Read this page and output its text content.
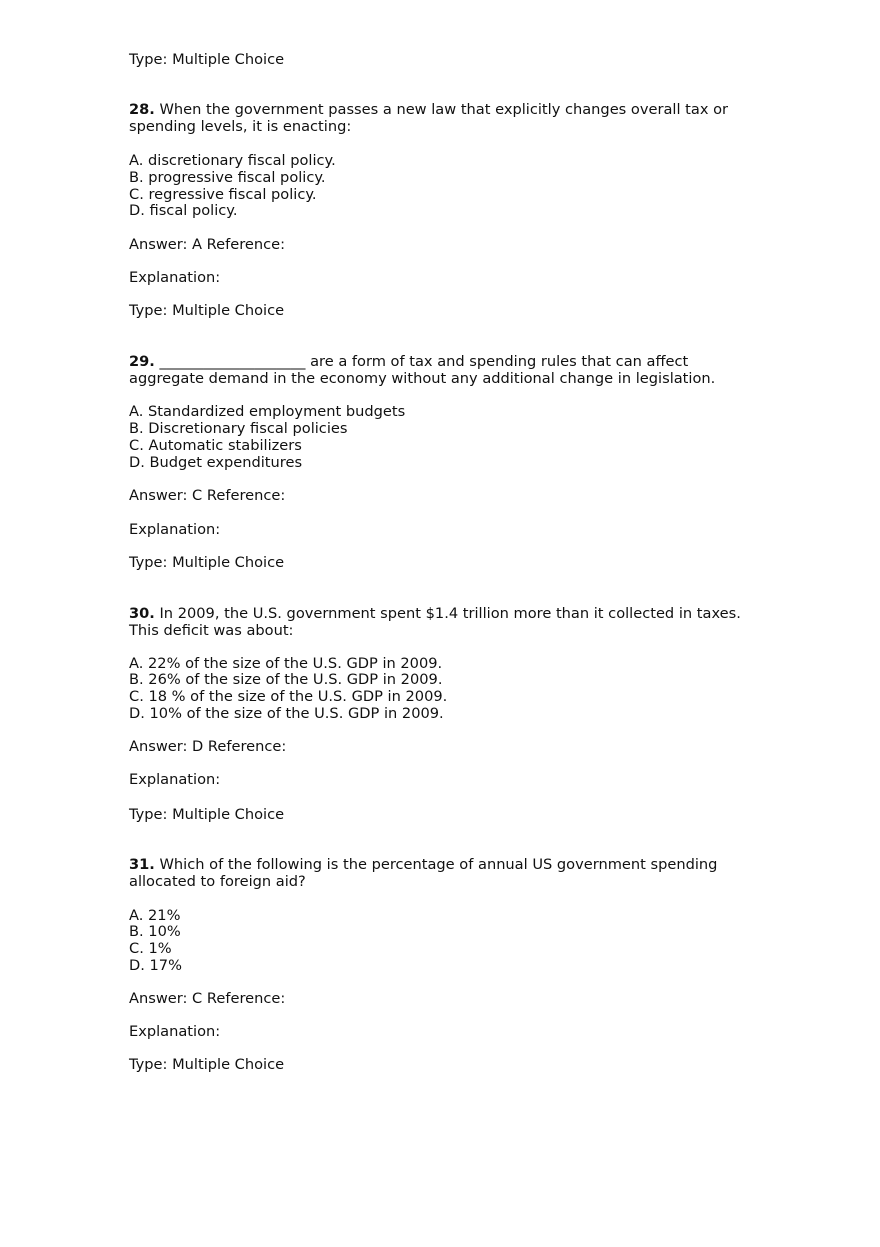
Type: Multiple Choice
28. When the government passes a new law that explicitly changes overall tax or
spending levels, it is enacting:
A. discretionary fiscal policy.
B. progressive fiscal policy.
C. regressive fiscal policy.
D. fiscal policy.
Answer: A Reference:
Explanation:
Type: Multiple Choice
29. ____________________ are a form of tax and spending rules that can affect
aggregate demand in the economy without any additional change in legislation.
A. Standardized employment budgets
B. Discretionary fiscal policies
C. Automatic stabilizers
D. Budget expenditures
Answer: C Reference:
Explanation:
Type: Multiple Choice
30. In 2009, the U.S. government spent $1.4 trillion more than it collected in taxes.
This deficit was about:
A. 22% of the size of the U.S. GDP in 2009.
B. 26% of the size of the U.S. GDP in 2009.
C. 18 % of the size of the U.S. GDP in 2009.
D. 10% of the size of the U.S. GDP in 2009.
Answer: D Reference:
Explanation:
Type: Multiple Choice
31. Which of the following is the percentage of annual US government spending
allocated to foreign aid?
A. 21%
B. 10%
C. 1%
D. 17%
Answer: C Reference:
Explanation:
Type: Multiple Choice
